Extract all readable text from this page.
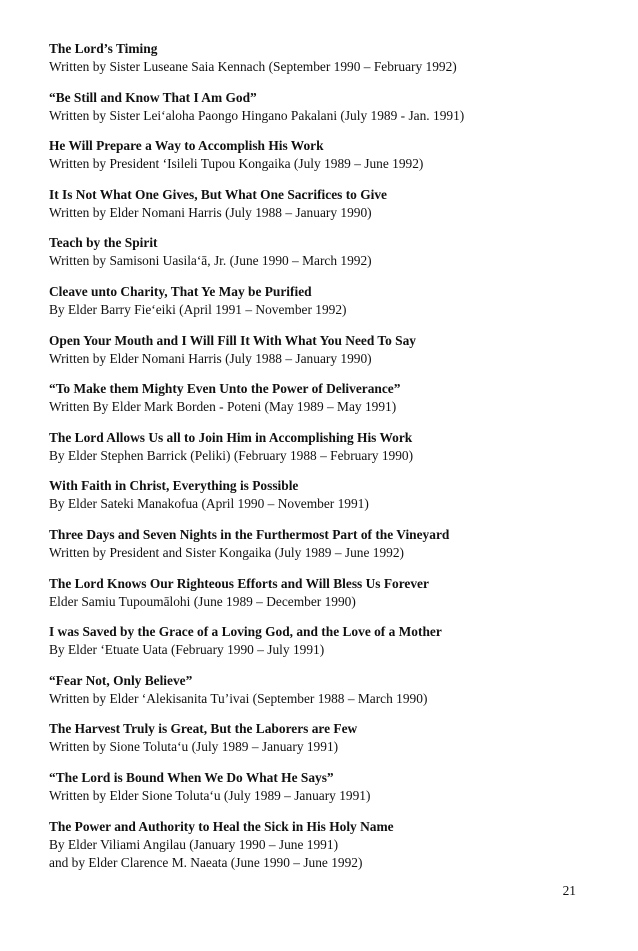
The Lord’s Timing

Written by Sister Luseane Saia Kennach (September 1990 – February 1992)

“Be Still and Know That I Am God”

Written by Sister Lei‘aloha Paongo Hingano Pakalani (July 1989 - Jan. 1991)

He Will Prepare a Way to Accomplish His Work

Written by President ‘Isileli Tupou Kongaika (July 1989 – June 1992)

It Is Not What One Gives, But What One Sacrifices to Give

Written by Elder Nomani Harris (July 1988 – January 1990)

Teach by the Spirit

Written by Samisoni Uasila‘ā, Jr. (June 1990 – March 1992)

Cleave unto Charity, That Ye May be Purified

By Elder Barry Fie‘eiki (April 1991 – November 1992)

Open Your Mouth and I Will Fill It With What You Need To Say

Written by Elder Nomani Harris (July 1988 – January 1990)

“To Make them Mighty Even Unto the Power of Deliverance”

Written By Elder Mark Borden - Poteni (May 1989 – May 1991)

The Lord Allows Us all to Join Him in Accomplishing His Work

By Elder Stephen Barrick (Peliki) (February 1988 – February 1990)

With Faith in Christ, Everything is Possible

By Elder Sateki Manakofua (April 1990 – November 1991)

Three Days and Seven Nights in the Furthermost Part of the Vineyard

Written by President and Sister Kongaika (July 1989 – June 1992)

The Lord Knows Our Righteous Efforts and Will Bless Us Forever

Elder Samiu Tupoumālohi (June 1989 – December 1990)

I was Saved by the Grace of a Loving God, and the Love of a Mother

By Elder ‘Etuate Uata (February 1990 – July 1991)

“Fear Not, Only Believe”

Written by Elder ‘Alekisanita Tu’ivai (September 1988 – March 1990)

The Harvest Truly is Great, But the Laborers are Few

Written by Sione Toluta‘u (July 1989 – January 1991)

“The Lord is Bound When We Do What He Says”

Written by Elder Sione Toluta‘u (July 1989 – January 1991)

The Power and Authority to Heal the Sick in His Holy Name

By Elder Viliami Angilau (January 1990 – June 1991)

and by Elder Clarence M. Naeata (June 1990 – June 1992)

21
